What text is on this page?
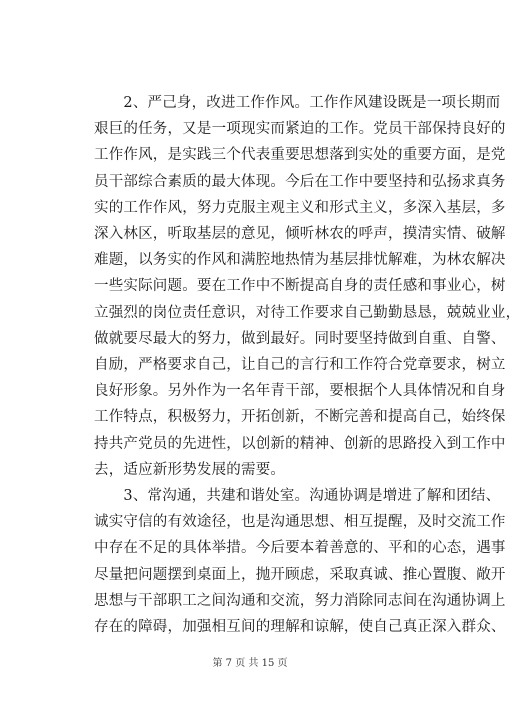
　　2、严己身，改进工作作风。工作作风建设既是一项长期而
艰巨的任务，又是一项现实而紧迫的工作。党员干部保持良好的
工作作风，是实践三个代表重要思想落到实处的重要方面，是党
员干部综合素质的最大体现。今后在工作中要坚持和弘扬求真务
实的工作作风，努力克服主观主义和形式主义，多深入基层，多
深入林区，听取基层的意见，倾听林农的呼声，摸清实情、破解
难题，以务实的作风和满腔地热情为基层排忧解难，为林农解决
一些实际问题。要在工作中不断提高自身的责任感和事业心，树
立强烈的岗位责任意识，对待工作要求自己勤勤恳恳，兢兢业业，
做就要尽最大的努力，做到最好。同时要坚持做到自重、自警、
自励，严格要求自己，让自己的言行和工作符合党章要求，树立
良好形象。另外作为一名年青干部，要根据个人具体情况和自身
工作特点，积极努力，开拓创新，不断完善和提高自己，始终保
持共产党员的先进性，以创新的精神、创新的思路投入到工作中
去，适应新形势发展的需要。

　　3、常沟通，共建和谐处室。沟通协调是增进了解和团结、
诚实守信的有效途径，也是沟通思想、相互提醒，及时交流工作
中存在不足的具体举措。今后要本着善意的、平和的心态，遇事
尽量把问题摆到桌面上，抛开顾虑，采取真诚、推心置腹、敞开
思想与干部职工之间沟通和交流，努力消除同志间在沟通协调上
存在的障碍，加强相互间的理解和谅解，使自己真正深入群众、

第 7 页 共 15 页
